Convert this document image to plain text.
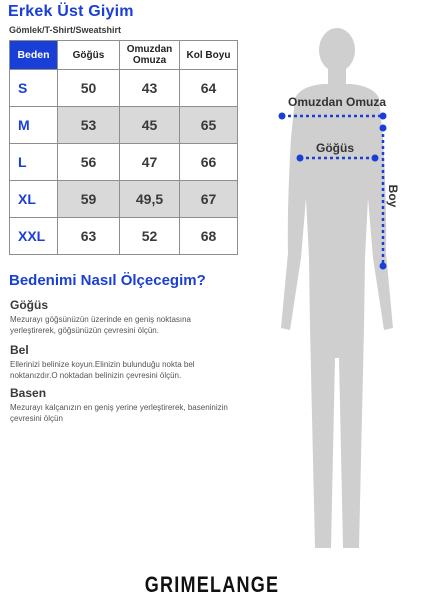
Erkek Üst Giyim
Gömlek/T-Shirt/Sweatshirt
Beden	Göğüs	Omuzdan Omuza	Kol Boyu
S	50	43	64
M	53	45	65
L	56	47	66
XL	59	49,5	67
XXL	63	52	68
Bedenimi Nasıl Ölçecegim?
Göğüs

Mezurayı göğsünüzün üzerinde en geniş noktasına yerleştirerek, göğsünüzün çevresini ölçün.

Bel

Ellerinizi belinize koyun.Elinizin bulunduğu nokta bel noktanızdır.O noktadan belinizin çevresini ölçün.

Basen

Mezurayı kalçanızın en geniş yerine yerleştirerek, baseninizin çevresini ölçün

Omuzdan Omuza
Göğüs
Boy
GRIMELANGE
